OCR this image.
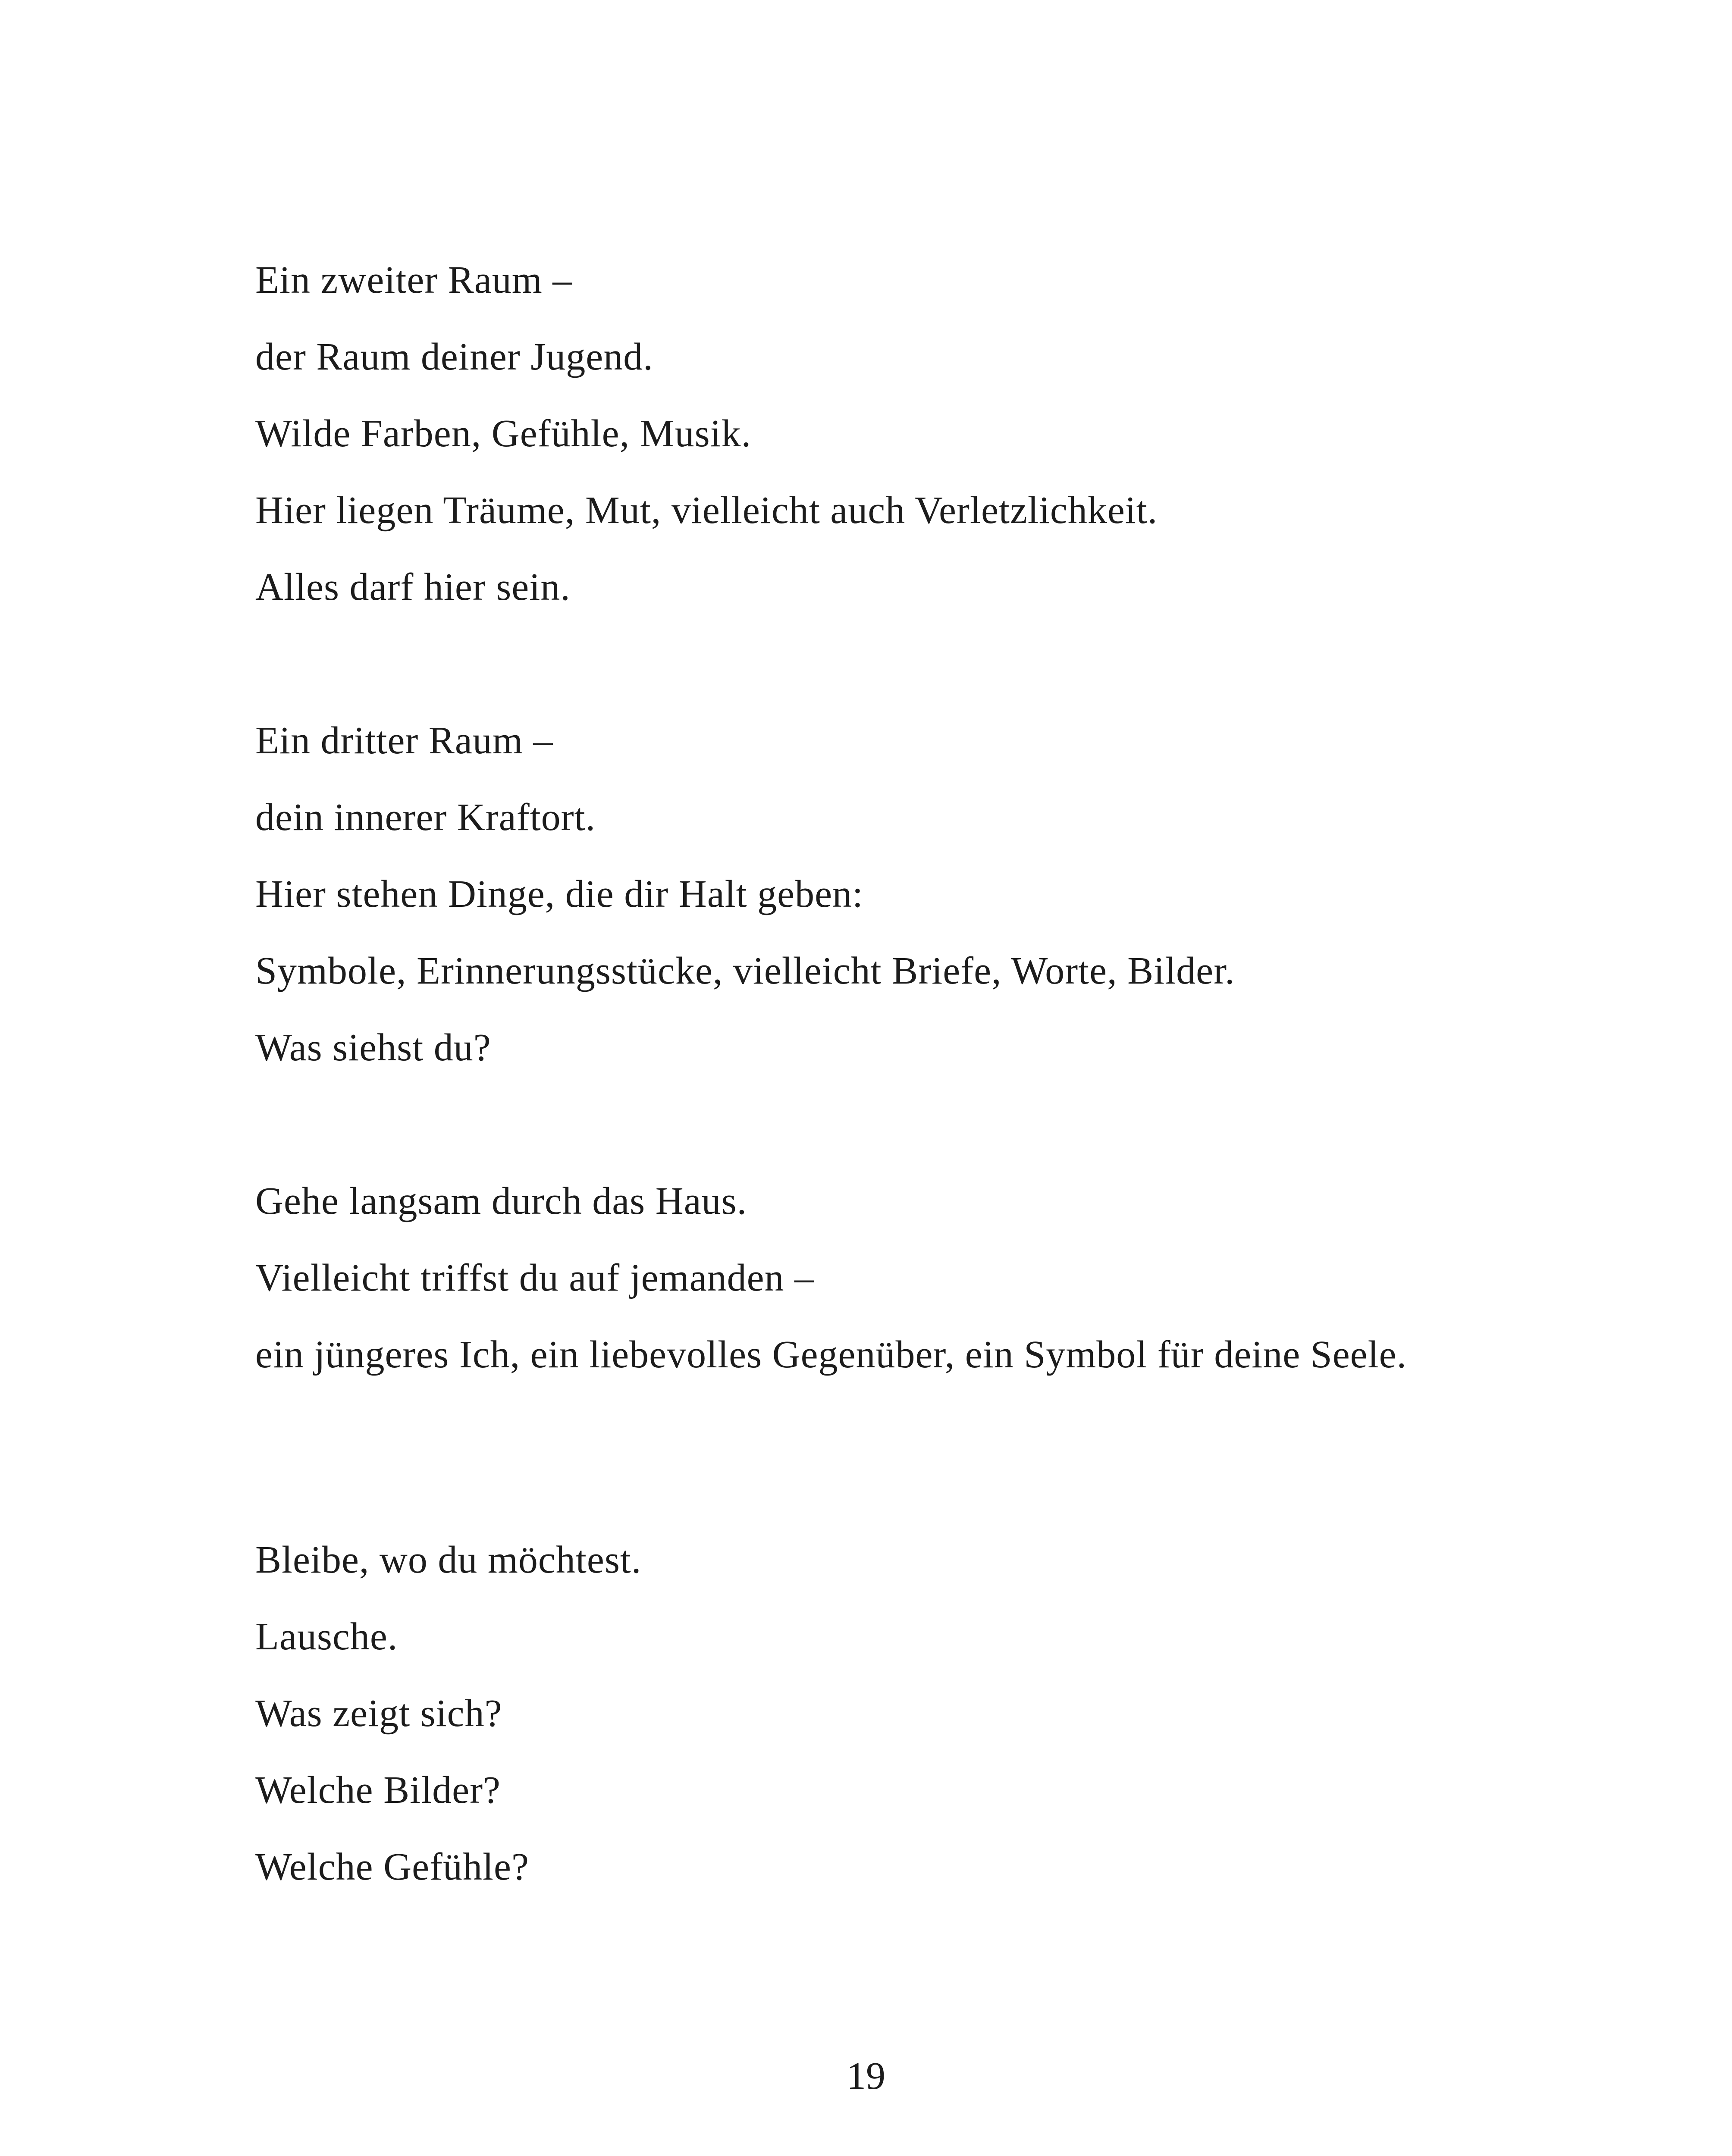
Ein zweiter Raum –

der Raum deiner Jugend.

Wilde Farben, Gefühle, Musik.

Hier liegen Träume, Mut, vielleicht auch Verletzlichkeit.

Alles darf hier sein.

Ein dritter Raum –

dein innerer Kraftort.

Hier stehen Dinge, die dir Halt geben:

Symbole, Erinnerungsstücke, vielleicht Briefe, Worte, Bilder.

Was siehst du?

Gehe langsam durch das Haus.

Vielleicht triffst du auf jemanden –

ein jüngeres Ich, ein liebevolles Gegenüber, ein Symbol für deine Seele.

Bleibe, wo du möchtest.

Lausche.

Was zeigt sich?

Welche Bilder?

Welche Gefühle?

19
